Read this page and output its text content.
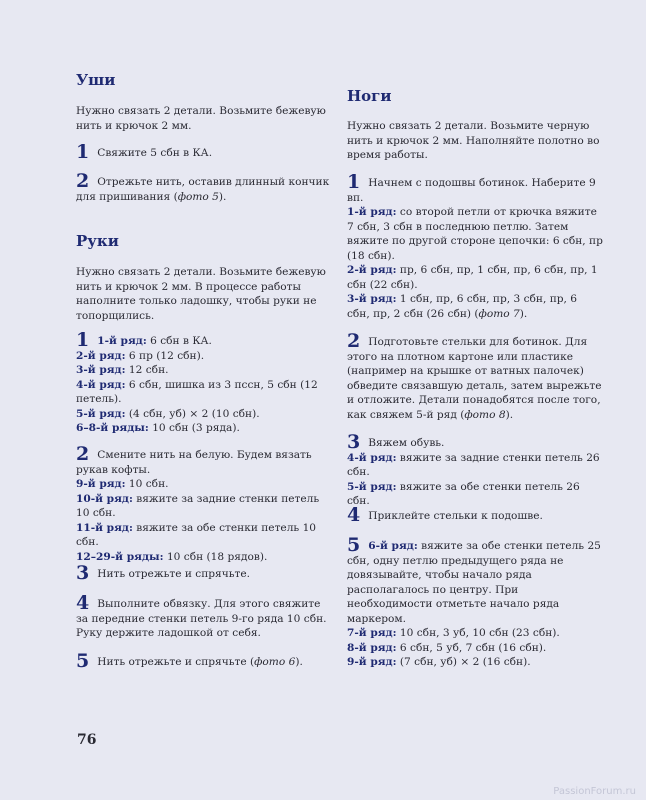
Уши

Нужно связать 2 детали. Возьмите бежевую нить и крючок 2 мм.

1 Свяжите 5 сбн в КА.

2 Отрежьте нить, оставив длинный кончик для пришивания (фото 5).

Руки

Нужно связать 2 детали. Возьмите бежевую нить и крючок 2 мм. В процессе работы наполните только ладошку, чтобы руки не топорщились.

1 1-й ряд: 6 сбн в КА.
2-й ряд: 6 пр (12 сбн).
3-й ряд: 12 сбн.
4-й ряд: 6 сбн, шишка из 3 пссн, 5 сбн (12 петель).
5-й ряд: (4 сбн, уб) × 2 (10 сбн).
6–8-й ряды: 10 сбн (3 ряда).

2 Смените нить на белую. Будем вязать рукав кофты.
9-й ряд: 10 сбн.
10-й ряд: вяжите за задние стенки петель 10 сбн.
11-й ряд: вяжите за обе стенки петель 10 сбн.
12–29-й ряды: 10 сбн (18 рядов).

3 Нить отрежьте и спрячьте.

4 Выполните обвязку. Для этого свяжите за передние стенки петель 9-го ряда 10 сбн. Руку держите ладошкой от себя.

5 Нить отрежьте и спрячьте (фото 6).

Ноги

Нужно связать 2 детали. Возьмите черную нить и крючок 2 мм. Наполняйте полотно во время работы.

1 Начнем с подошвы ботинок. Наберите 9 вп.
1-й ряд: со второй петли от крючка вяжите 7 сбн, 3 сбн в последнюю петлю. Затем вяжите по другой стороне цепочки: 6 сбн, пр (18 сбн).
2-й ряд: пр, 6 сбн, пр, 1 сбн, пр, 6 сбн, пр, 1 сбн (22 сбн).
3-й ряд: 1 сбн, пр, 6 сбн, пр, 3 сбн, пр, 6 сбн, пр, 2 сбн (26 сбн) (фото 7).

2 Подготовьте стельки для ботинок. Для этого на плотном картоне или пластике (например на крышке от ватных палочек) обведите связавшую деталь, затем вырежьте и отложите. Детали понадобятся после того, как свяжем 5-й ряд (фото 8).

3 Вяжем обувь.
4-й ряд: вяжите за задние стенки петель 26 сбн.
5-й ряд: вяжите за обе стенки петель 26 сбн.

4 Приклейте стельки к подошве.

5 6-й ряд: вяжите за обе стенки петель 25 сбн, одну петлю предыдущего ряда не довязывайте, чтобы начало ряда располагалось по центру. При необходимости отметьте начало ряда маркером.
7-й ряд: 10 сбн, 3 уб, 10 сбн (23 сбн).
8-й ряд: 6 сбн, 5 уб, 7 сбн (16 сбн).
9-й ряд: (7 сбн, уб) × 2 (16 сбн).

76
PassionForum.ru
